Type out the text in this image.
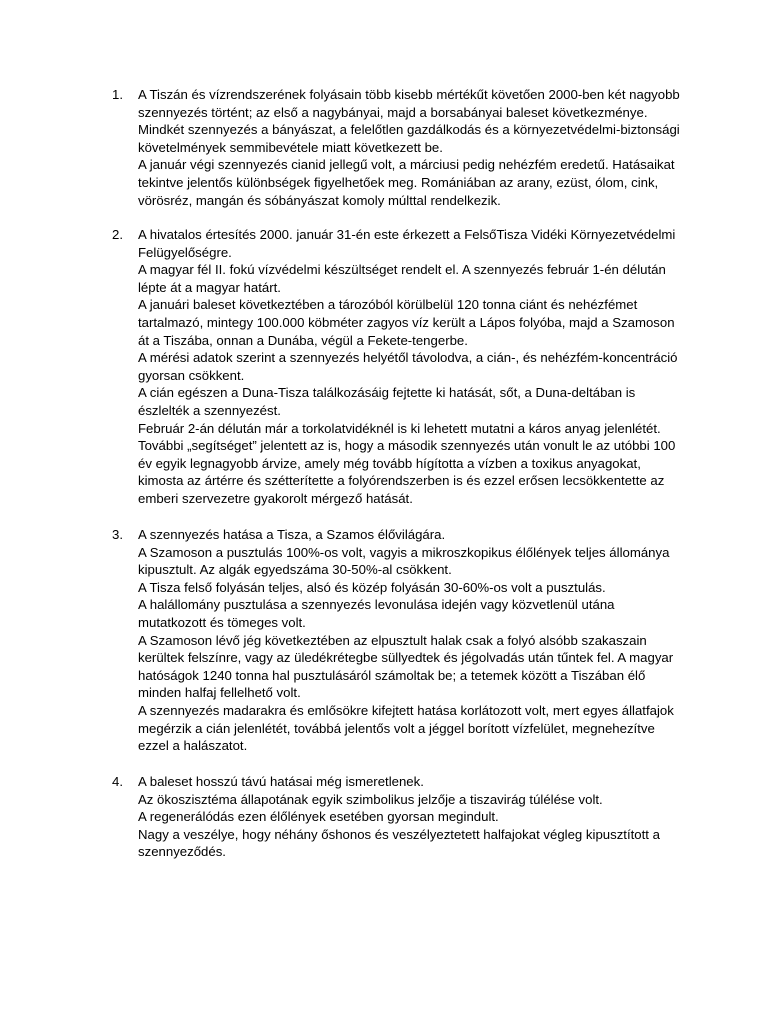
1. A Tiszán és vízrendszerének folyásain több kisebb mértékűt követően 2000-ben két nagyobb szennyezés történt; az első a nagybányai, majd a borsabányai baleset következménye.

Mindkét szennyezés a bányászat, a felelőtlen gazdálkodás és a környezetvédelmi-biztonsági követelmények semmibevétele miatt következett be.

A január végi szennyezés cianid jellegű volt, a márciusi pedig nehézfém eredetű. Hatásaikat tekintve jelentős különbségek figyelhetőek meg. Romániában az arany, ezüst, ólom, cink, vörösréz, mangán és sóbányászat komoly múlttal rendelkezik.

2. A hivatalos értesítés 2000. január 31-én este érkezett a FelsőTisza Vidéki Környezetvédelmi Felügyelőségre.

A magyar fél II. fokú vízvédelmi készültséget rendelt el. A szennyezés február 1-én délután lépte át a magyar határt.

A januári baleset következtében a tározóból körülbelül 120 tonna ciánt és nehézfémet tartalmazó, mintegy 100.000 köbméter zagyos víz került a Lápos folyóba, majd a Szamoson át a Tiszába, onnan a Dunába, végül a Fekete-tengerbe.

A mérési adatok szerint a szennyezés helyétől távolodva, a cián-, és nehézfém-koncentráció gyorsan csökkent.

A cián egészen a Duna-Tisza találkozásáig fejtette ki hatását, sőt, a Duna-deltában is észlelték a szennyezést.

Február 2-án délután már a torkolatvidéknél is ki lehetett mutatni a káros anyag jelenlétét.

További „segítséget” jelentett az is, hogy a második szennyezés után vonult le az utóbbi 100 év egyik legnagyobb árvize, amely még tovább hígította a vízben a toxikus anyagokat, kimosta az ártérre és szétterítette a folyórendszerben is és ezzel erősen lecsökkentette az emberi szervezetre gyakorolt mérgező hatását.

3. A szennyezés hatása a Tisza, a Szamos élővilágára.

A Szamoson a pusztulás 100%-os volt, vagyis a mikroszkopikus élőlények teljes állománya kipusztult. Az algák egyedszáma 30-50%-al csökkent.

A Tisza felső folyásán teljes, alsó és közép folyásán 30-60%-os volt a pusztulás.

A halállomány pusztulása a szennyezés levonulása idején vagy közvetlenül utána mutatkozott és tömeges volt.

A Szamoson lévő jég következtében az elpusztult halak csak a folyó alsóbb szakaszain kerültek felszínre, vagy az üledékrétegbe süllyedtek és jégolvadás után tűntek fel. A magyar hatóságok 1240 tonna hal pusztulásáról számoltak be; a tetemek között a Tiszában élő minden halfaj fellelhető volt.

A szennyezés madarakra és emlősökre kifejtett hatása korlátozott volt, mert egyes állatfajok megérzik a cián jelenlétét, továbbá jelentős volt a jéggel borított vízfelület, megnehezítve ezzel a halászatot.

4. A baleset hosszú távú hatásai még ismeretlenek.

Az ökoszisztéma állapotának egyik szimbolikus jelzője a tiszavirág túlélése volt.

A regenerálódás ezen élőlények esetében gyorsan megindult.

Nagy a veszélye, hogy néhány őshonos és veszélyeztetett halfajokat végleg kipusztított a szennyeződés.
